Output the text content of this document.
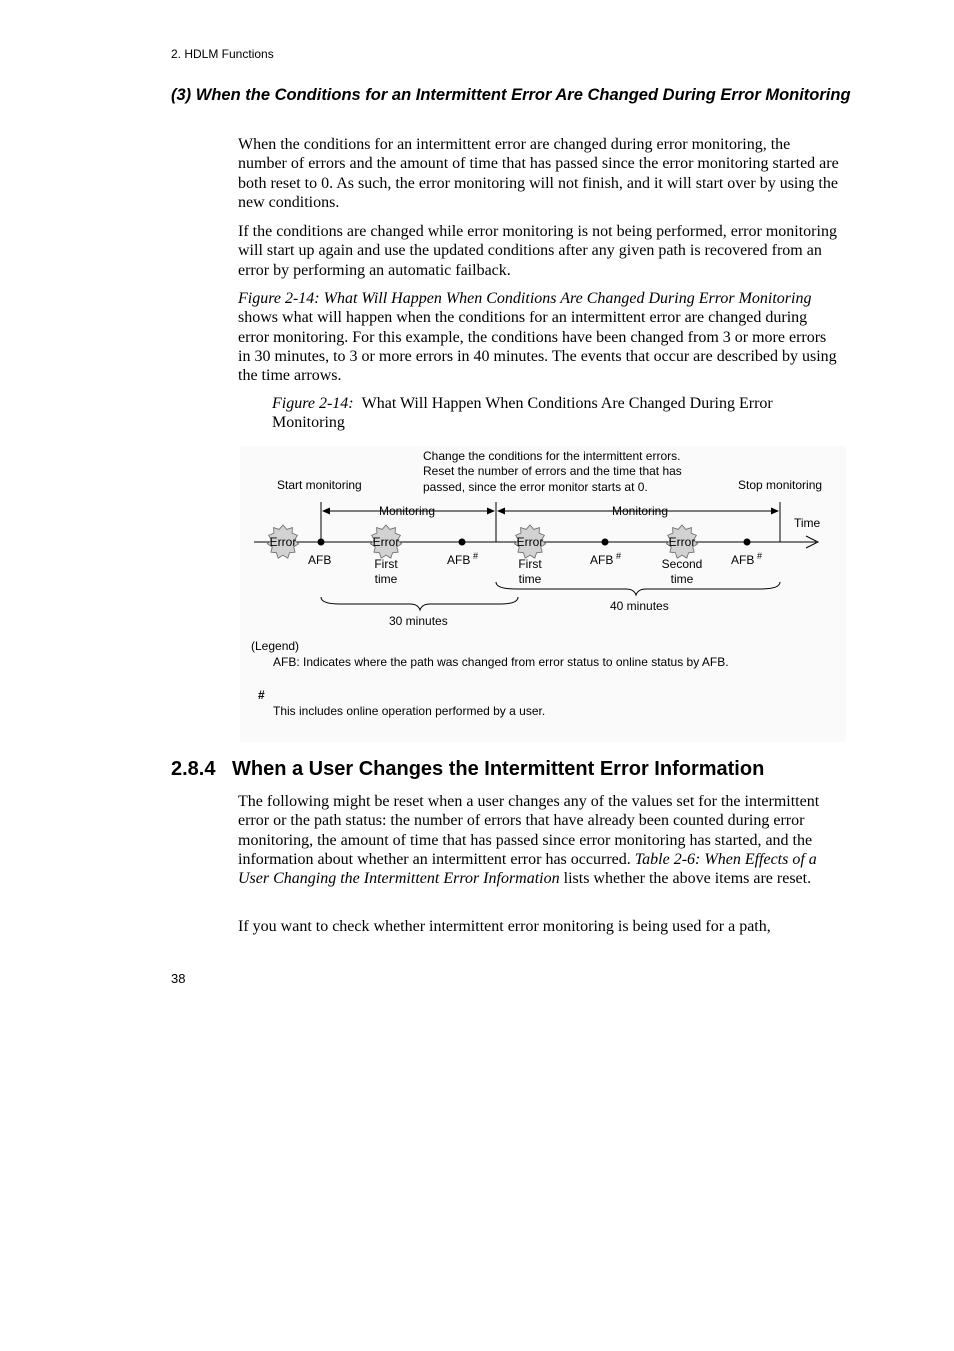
2. HDLM Functions
(3) When the Conditions for an Intermittent Error Are Changed During Error Monitoring

When the conditions for an intermittent error are changed during error monitoring, the number of errors and the amount of time that has passed since the error monitoring started are both reset to 0. As such, the error monitoring will not finish, and it will start over by using the new conditions.

If the conditions are changed while error monitoring is not being performed, error monitoring will start up again and use the updated conditions after any given path is recovered from an error by performing an automatic failback.

Figure 2-14: What Will Happen When Conditions Are Changed During Error Monitoring shows what will happen when the conditions for an intermittent error are changed during error monitoring. For this example, the conditions have been changed from 3 or more errors in 30 minutes, to 3 or more errors in 40 minutes. The events that occur are described by using the time arrows.

Figure 2-14: What Will Happen When Conditions Are Changed During Error Monitoring
Change the conditions for the intermittent errors.
Reset the number of errors and the time that has
passed, since the error monitor starts at 0.
Start monitoring	Stop monitoring
Monitoring	Monitoring
Time
Error	Error	Error	Error
AFB	AFB #	AFB #	AFB #
First
time
First
time
Second
time
30 minutes
40 minutes
(Legend)
AFB: Indicates where the path was changed from error status to online status by AFB.
#
This includes online operation performed by a user.
2.8.4 When a User Changes the Intermittent Error Information

The following might be reset when a user changes any of the values set for the intermittent error or the path status: the number of errors that have already been counted during error monitoring, the amount of time that has passed since error monitoring has started, and the information about whether an intermittent error has occurred. Table 2-6: When Effects of a User Changing the Intermittent Error Information lists whether the above items are reset.

If you want to check whether intermittent error monitoring is being used for a path,

38
